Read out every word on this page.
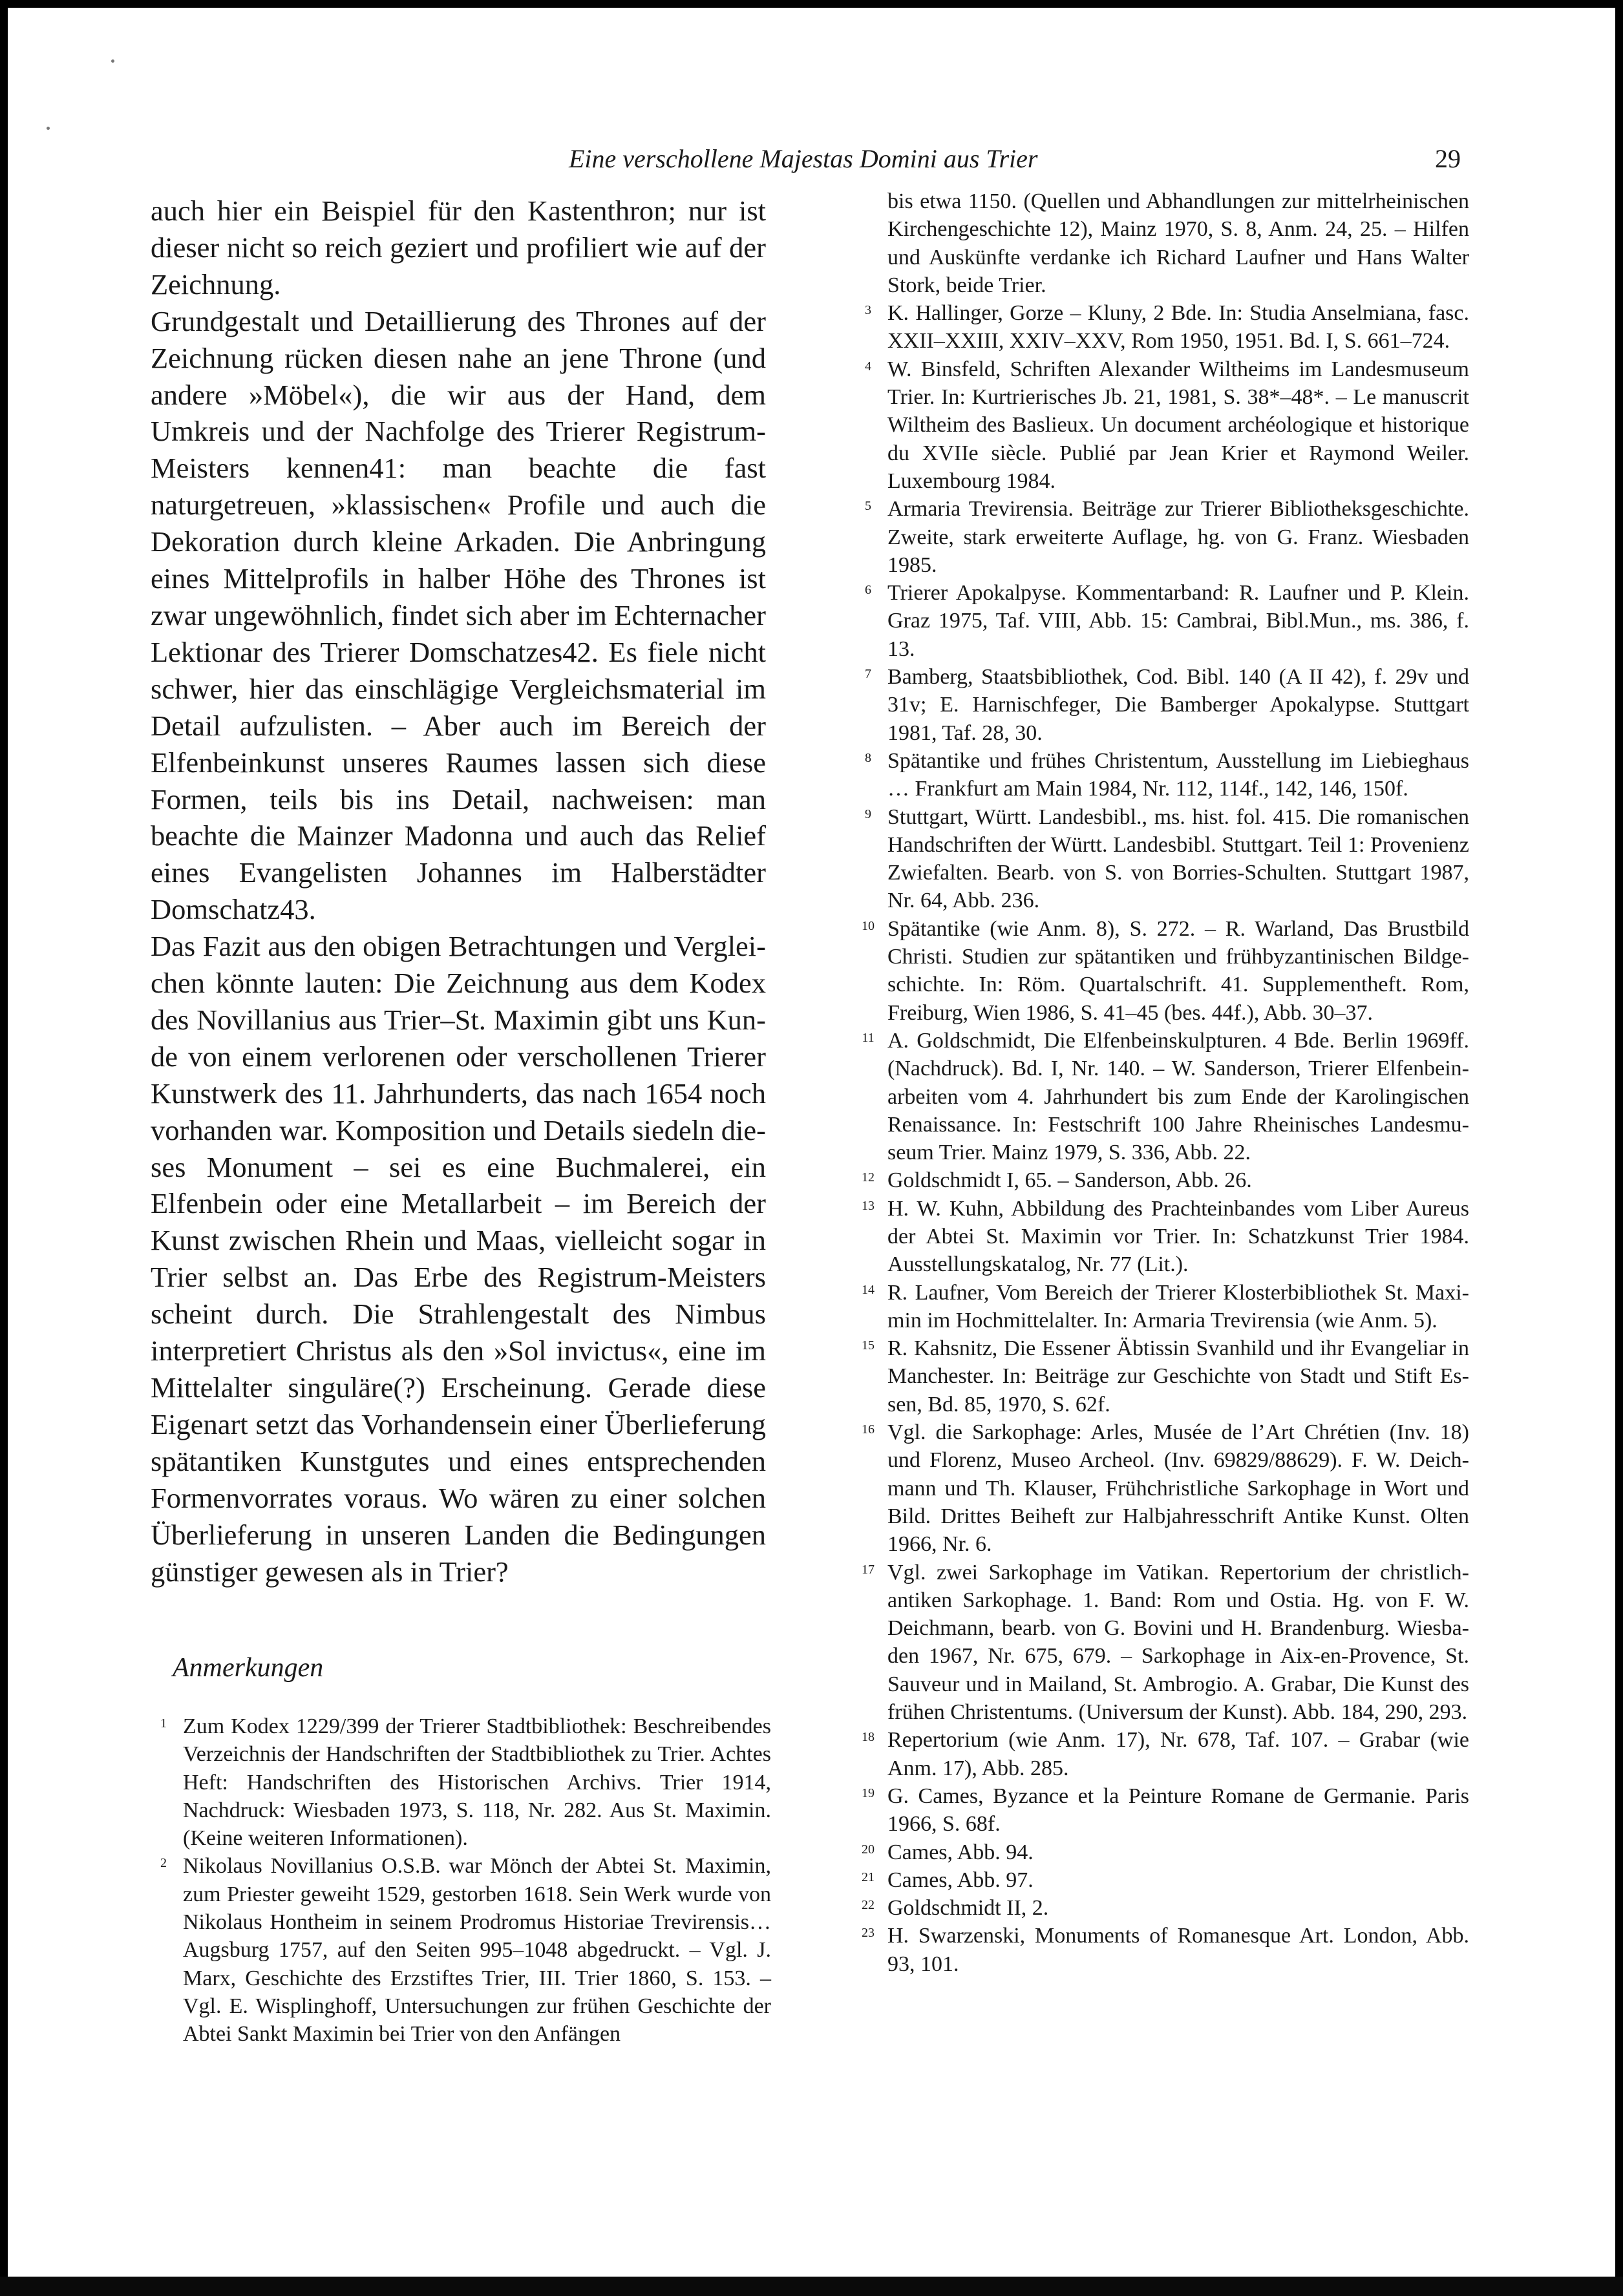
Eine verschollene Majestas Domini aus Trier	29

auch hier ein Beispiel für den Kastenthron; nur ist dieser nicht so reich geziert und profiliert wie auf der Zeichnung.

Grundgestalt und Detaillierung des Thrones auf der Zeichnung rücken diesen nahe an jene Throne (und andere »Möbel«), die wir aus der Hand, dem Umkreis und der Nachfolge des Trierer Registrum-Meisters kennen41: man beachte die fast naturgetreuen, »klassischen« Profile und auch die Dekoration durch kleine Arkaden. Die Anbringung eines Mittelprofils in halber Höhe des Thrones ist zwar ungewöhnlich, findet sich aber im Echternacher Lektionar des Trierer Domschatzes42. Es fiele nicht schwer, hier das einschlägige Vergleichsmaterial im Detail aufzulisten. – Aber auch im Bereich der Elfenbeinkunst unseres Raumes lassen sich diese Formen, teils bis ins Detail, nachweisen: man beachte die Mainzer Madonna und auch das Relief eines Evangelisten Johannes im Halberstädter Domschatz43.

Das Fazit aus den obigen Betrachtungen und Vergleichen könnte lauten: Die Zeichnung aus dem Kodex des Novillanius aus Trier–St. Maximin gibt uns Kunde von einem verlorenen oder verschollenen Trierer Kunstwerk des 11. Jahrhunderts, das nach 1654 noch vorhanden war. Komposition und Details siedeln dieses Monument – sei es eine Buchmalerei, ein Elfenbein oder eine Metallarbeit – im Bereich der Kunst zwischen Rhein und Maas, vielleicht sogar in Trier selbst an. Das Erbe des Registrum-Meisters scheint durch. Die Strahlengestalt des Nimbus interpretiert Christus als den »Sol invictus«, eine im Mittelalter singuläre(?) Erscheinung. Gerade diese Eigenart setzt das Vorhandensein einer Überlieferung spätantiken Kunstgutes und eines entsprechenden Formenvorrates voraus. Wo wären zu einer solchen Überlieferung in unseren Landen die Bedingungen günstiger gewesen als in Trier?

Anmerkungen
1 Zum Kodex 1229/399 der Trierer Stadtbibliothek: Beschreibendes Verzeichnis der Handschriften der Stadtbibliothek zu Trier. Achtes Heft: Handschriften des Historischen Archivs. Trier 1914, Nachdruck: Wiesbaden 1973, S. 118, Nr. 282. Aus St. Maximin. (Keine weiteren Informationen).
2 Nikolaus Novillanius O.S.B. war Mönch der Abtei St. Maximin, zum Priester geweiht 1529, gestorben 1618. Sein Werk wurde von Nikolaus Hontheim in seinem Prodromus Historiae Trevirensis… Augsburg 1757, auf den Seiten 995–1048 abgedruckt. – Vgl. J. Marx, Geschichte des Erzstiftes Trier, III. Trier 1860, S. 153. – Vgl. E. Wisplinghoff, Untersuchungen zur frühen Geschichte der Abtei Sankt Maximin bei Trier von den Anfängen
bis etwa 1150. (Quellen und Abhandlungen zur mittelrheinischen Kirchengeschichte 12), Mainz 1970, S. 8, Anm. 24, 25. – Hilfen und Auskünfte verdanke ich Richard Laufner und Hans Walter Stork, beide Trier.
3 K. Hallinger, Gorze – Kluny, 2 Bde. In: Studia Anselmiana, fasc. XXII–XXIII, XXIV–XXV, Rom 1950, 1951. Bd. I, S. 661–724.
4 W. Binsfeld, Schriften Alexander Wiltheims im Landesmuseum Trier. In: Kurtrierisches Jb. 21, 1981, S. 38*–48*. – Le manuscrit Wiltheim des Baslieux. Un document archéologique et historique du XVIIe siècle. Publié par Jean Krier et Raymond Weiler. Luxembourg 1984.
5 Armaria Trevirensia. Beiträge zur Trierer Bibliotheksgeschichte. Zweite, stark erweiterte Auflage, hg. von G. Franz. Wiesbaden 1985.
6 Trierer Apokalpyse. Kommentarband: R. Laufner und P. Klein. Graz 1975, Taf. VIII, Abb. 15: Cambrai, Bibl.Mun., ms. 386, f. 13.
7 Bamberg, Staatsbibliothek, Cod. Bibl. 140 (A II 42), f. 29v und 31v; E. Harnischfeger, Die Bamberger Apokalypse. Stuttgart 1981, Taf. 28, 30.
8 Spätantike und frühes Christentum, Ausstellung im Liebieghaus … Frankfurt am Main 1984, Nr. 112, 114f., 142, 146, 150f.
9 Stuttgart, Württ. Landesbibl., ms. hist. fol. 415. Die romanischen Handschriften der Württ. Landesbibl. Stuttgart. Teil 1: Provenienz Zwiefalten. Bearb. von S. von Borries-Schulten. Stuttgart 1987, Nr. 64, Abb. 236.
10 Spätantike (wie Anm. 8), S. 272. – R. Warland, Das Brustbild Christi. Studien zur spätantiken und frühbyzantinischen Bildgeschichte. In: Röm. Quartalschrift. 41. Supplementheft. Rom, Freiburg, Wien 1986, S. 41–45 (bes. 44f.), Abb. 30–37.
11 A. Goldschmidt, Die Elfenbeinskulpturen. 4 Bde. Berlin 1969ff. (Nachdruck). Bd. I, Nr. 140. – W. Sanderson, Trierer Elfenbeinarbeiten vom 4. Jahrhundert bis zum Ende der Karolingischen Renaissance. In: Festschrift 100 Jahre Rheinisches Landesmuseum Trier. Mainz 1979, S. 336, Abb. 22.
12 Goldschmidt I, 65. – Sanderson, Abb. 26.
13 H. W. Kuhn, Abbildung des Prachteinbandes vom Liber Aureus der Abtei St. Maximin vor Trier. In: Schatzkunst Trier 1984. Ausstellungskatalog, Nr. 77 (Lit.).
14 R. Laufner, Vom Bereich der Trierer Klosterbibliothek St. Maximin im Hochmittelalter. In: Armaria Trevirensia (wie Anm. 5).
15 R. Kahsnitz, Die Essener Äbtissin Svanhild und ihr Evangeliar in Manchester. In: Beiträge zur Geschichte von Stadt und Stift Essen, Bd. 85, 1970, S. 62f.
16 Vgl. die Sarkophage: Arles, Musée de l’Art Chrétien (Inv. 18) und Florenz, Museo Archeol. (Inv. 69829/88629). F. W. Deichmann und Th. Klauser, Frühchristliche Sarkophage in Wort und Bild. Drittes Beiheft zur Halbjahresschrift Antike Kunst. Olten 1966, Nr. 6.
17 Vgl. zwei Sarkophage im Vatikan. Repertorium der christlich-antiken Sarkophage. 1. Band: Rom und Ostia. Hg. von F. W. Deichmann, bearb. von G. Bovini und H. Brandenburg. Wiesbaden 1967, Nr. 675, 679. – Sarkophage in Aix-en-Provence, St. Sauveur und in Mailand, St. Ambrogio. A. Grabar, Die Kunst des frühen Christentums. (Universum der Kunst). Abb. 184, 290, 293.
18 Repertorium (wie Anm. 17), Nr. 678, Taf. 107. – Grabar (wie Anm. 17), Abb. 285.
19 G. Cames, Byzance et la Peinture Romane de Germanie. Paris 1966, S. 68f.
20 Cames, Abb. 94.
21 Cames, Abb. 97.
22 Goldschmidt II, 2.
23 H. Swarzenski, Monuments of Romanesque Art. London, Abb. 93, 101.
